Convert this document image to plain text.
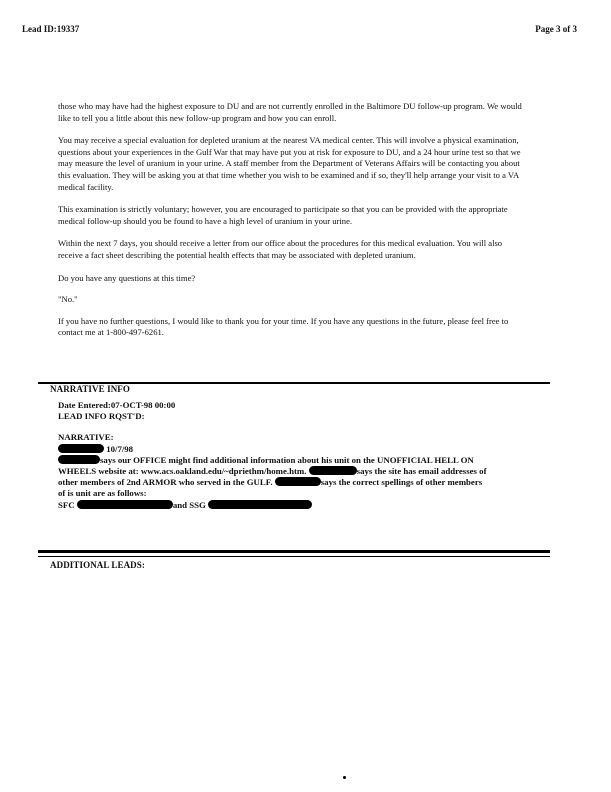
Lead ID:19337	Page 3 of 3

those who may have had the highest exposure to DU and are not currently enrolled in the Baltimore DU follow-up program. We would like to tell you a little about this new follow-up program and how you can enroll.

You may receive a special evaluation for depleted uranium at the nearest VA medical center. This will involve a physical examination, questions about your experiences in the Gulf War that may have put you at risk for exposure to DU, and a 24 hour urine test so that we may measure the level of uranium in your urine. A staff member from the Department of Veterans Affairs will be contacting you about this evaluation. They will be asking you at that time whether you wish to be examined and if so, they'll help arrange your visit to a VA medical facility.

This examination is strictly voluntary; however, you are encouraged to participate so that you can be provided with the appropriate medical follow-up should you be found to have a high level of uranium in your urine.

Within the next 7 days, you should receive a letter from our office about the procedures for this medical evaluation. You will also receive a fact sheet describing the potential health effects that may be associated with depleted uranium.

Do you have any questions at this time?

"No."

If you have no further questions, I would like to thank you for your time. If you have any questions in the future, please feel free to contact me at 1-800-497-6261.

NARRATIVE INFO
Date Entered:07-OCT-98 00:00
LEAD INFO RQST'D:
NARRATIVE:
10/7/98
says our OFFICE might find additional information about his unit on the UNOFFICIAL HELL ON
WHEELS website at: www.acs.oakland.edu/~dpriethm/home.htm.	says the site has email addresses of
other members of 2nd ARMOR who served in the GULF.	says the correct spellings of other members
of is unit are as follows:
SFC	and SSG
ADDITIONAL LEADS:
